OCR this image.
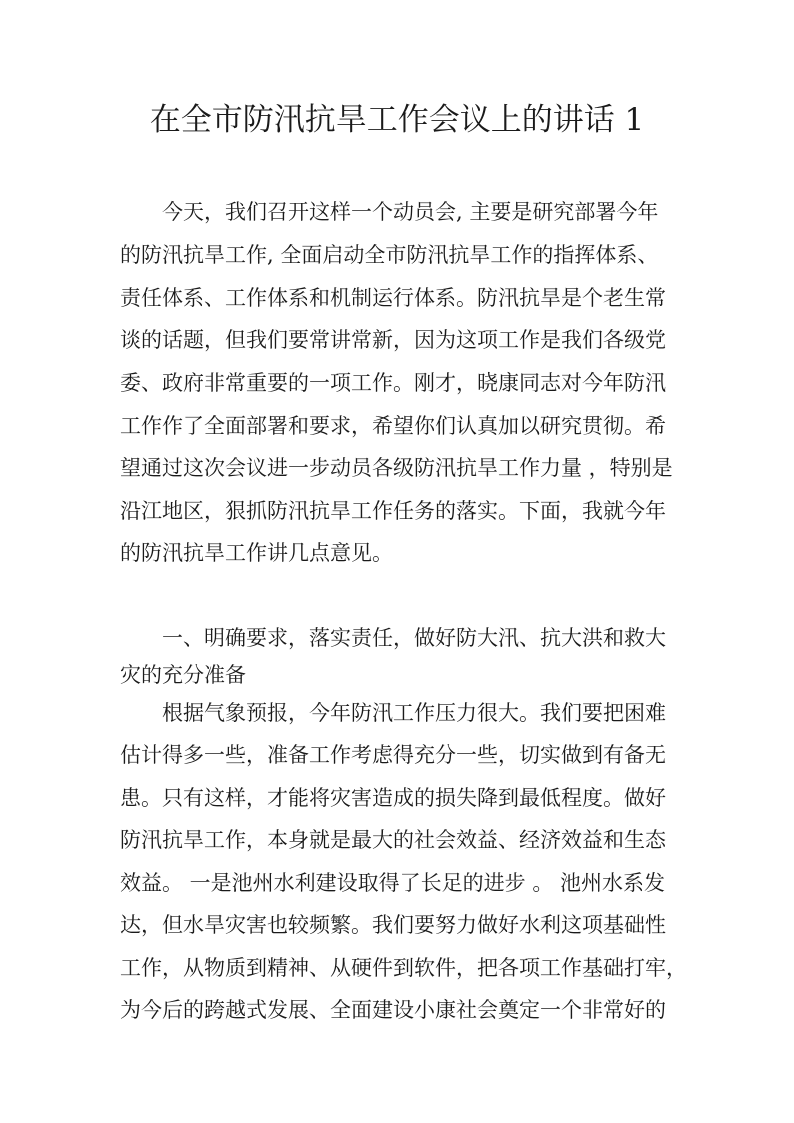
在全市防汛抗旱工作会议上的讲话 1

今天，我们召开这样一个动员会, 主要是研究部署今年

的防汛抗旱工作, 全面启动全市防汛抗旱工作的指挥体系、

责任体系、工作体系和机制运行体系。防汛抗旱是个老生常

谈的话题，但我们要常讲常新，因为这项工作是我们各级党

委、政府非常重要的一项工作。刚才，晓康同志对今年防汛

工作作了全面部署和要求，希望你们认真加以研究贯彻。希

望通过这次会议进一步动员各级防汛抗旱工作力量 ，特别是

沿江地区，狠抓防汛抗旱工作任务的落实。下面，我就今年

的防汛抗旱工作讲几点意见。

一、明确要求，落实责任，做好防大汛、抗大洪和救大

灾的充分准备

根据气象预报，今年防汛工作压力很大。我们要把困难

估计得多一些，准备工作考虑得充分一些，切实做到有备无

患。只有这样，才能将灾害造成的损失降到最低程度。做好

防汛抗旱工作，本身就是最大的社会效益、经济效益和生态

效益。 一是池州水利建设取得了长足的进步 。 池州水系发

达，但水旱灾害也较频繁。我们要努力做好水利这项基础性

工作，从物质到精神、从硬件到软件，把各项工作基础打牢，

为今后的跨越式发展、全面建设小康社会奠定一个非常好的
